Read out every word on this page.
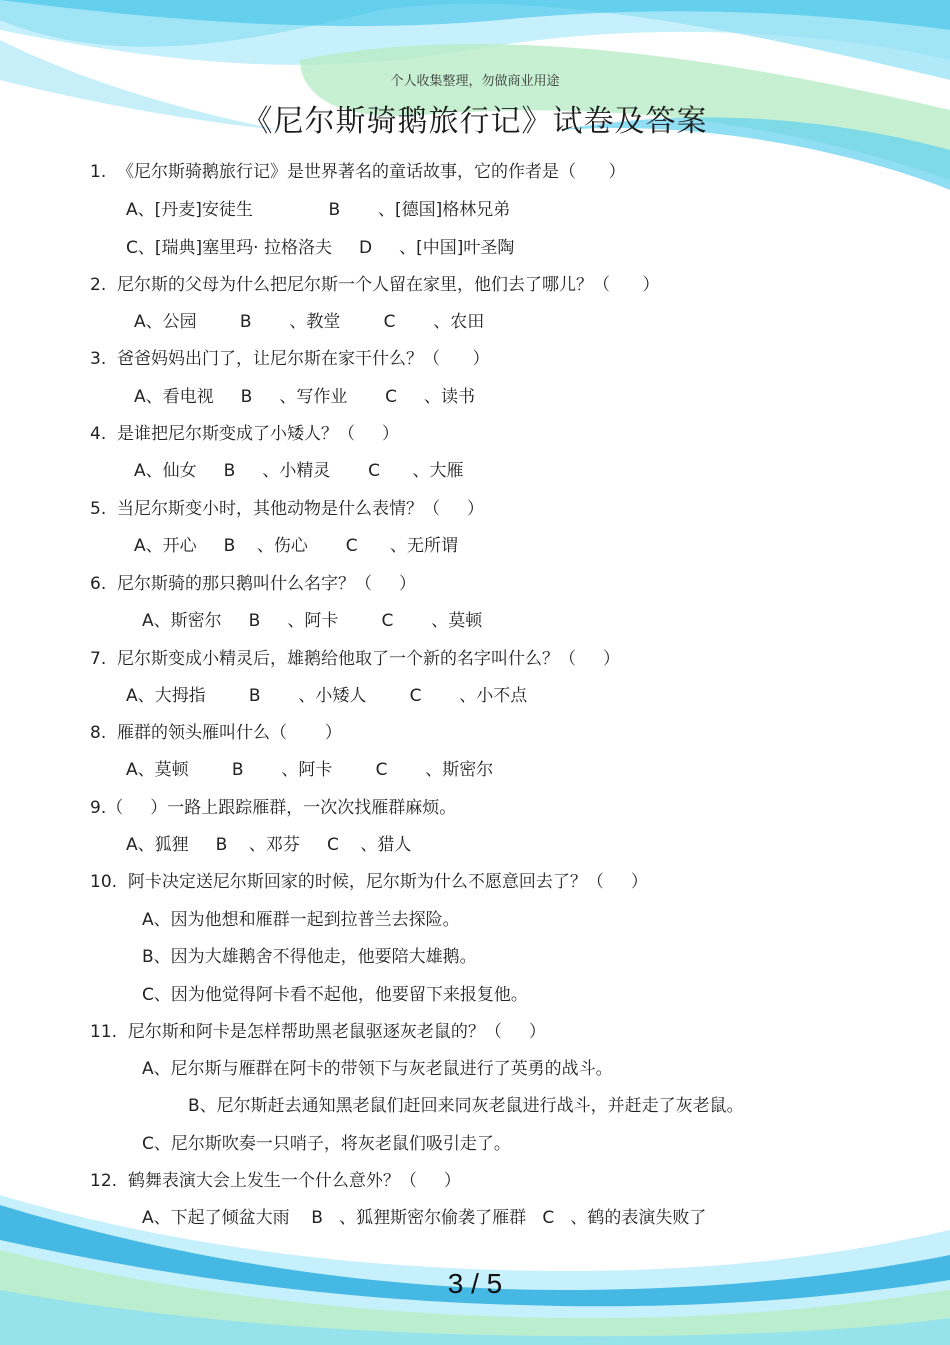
个人收集整理，勿做商业用途
《尼尔斯骑鹅旅行记》试卷及答案
1.  《尼尔斯骑鹅旅行记》是世界著名的童话故事，它的作者是（      ）
A、[丹麦]安徒生              B       、[德国]格林兄弟
C、[瑞典]塞里玛· 拉格洛夫     D     、[中国]叶圣陶
2.  尼尔斯的父母为什么把尼尔斯一个人留在家里，他们去了哪儿？（      ）
A、公园        B       、教堂        C       、农田
3.  爸爸妈妈出门了，让尼尔斯在家干什么？（      ）
A、看电视     B     、写作业       C     、读书
4.  是谁把尼尔斯变成了小矮人？（     ）
A、仙女     B     、小精灵       C      、大雁
5.  当尼尔斯变小时，其他动物是什么表情？（     ）
A、开心     B    、伤心       C      、无所谓
6.  尼尔斯骑的那只鹅叫什么名字？（     ）
A、斯密尔     B     、阿卡        C       、莫顿
7.  尼尔斯变成小精灵后，雄鹅给他取了一个新的名字叫什么？（     ）
A、大拇指        B       、小矮人        C       、小不点
8.  雁群的领头雁叫什么（       ）
A、莫顿        B       、阿卡        C       、斯密尔
9.（     ）一路上跟踪雁群，一次次找雁群麻烦。
A、狐狸     B    、邓芬     C    、猎人
10.  阿卡决定送尼尔斯回家的时候，尼尔斯为什么不愿意回去了？（     ）
A、因为他想和雁群一起到拉普兰去探险。
B、因为大雄鹅舍不得他走，他要陪大雄鹅。
C、因为他觉得阿卡看不起他，他要留下来报复他。
11.  尼尔斯和阿卡是怎样帮助黑老鼠驱逐灰老鼠的？（     ）
A、尼尔斯与雁群在阿卡的带领下与灰老鼠进行了英勇的战斗。
B、尼尔斯赶去通知黑老鼠们赶回来同灰老鼠进行战斗，并赶走了灰老鼠。
C、尼尔斯吹奏一只哨子，将灰老鼠们吸引走了。
12.  鹤舞表演大会上发生一个什么意外？（     ）
A、下起了倾盆大雨    B   、狐狸斯密尔偷袭了雁群   C   、鹤的表演失败了
3 / 5
